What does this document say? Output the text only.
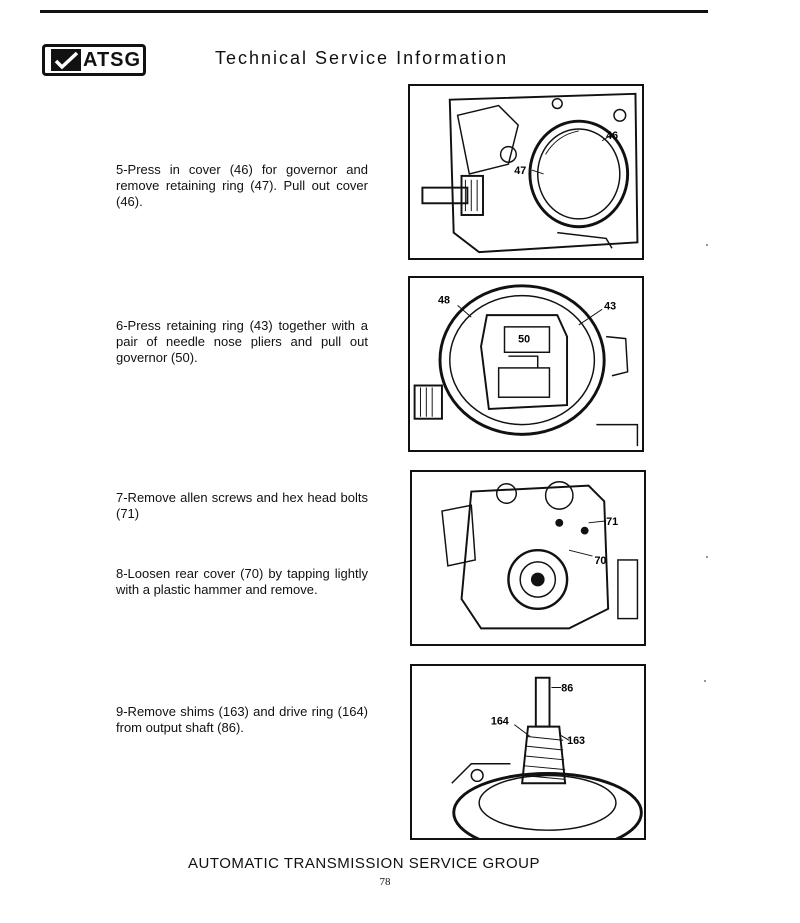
ATSG	Technical Service Information
5-Press in cover (46) for governor and remove retaining ring (47). Pull out cover (46).
6-Press retaining ring (43) together with a pair of needle nose pliers and pull out governor (50).
7-Remove allen screws and hex head bolts (71)
8-Loosen rear cover (70) by tapping lightly with a plastic hammer and remove.
9-Remove shims (163) and drive ring (164) from output shaft (86).
46
47
48	43
50
71
70
86
164
163
AUTOMATIC TRANSMISSION SERVICE GROUP
78
